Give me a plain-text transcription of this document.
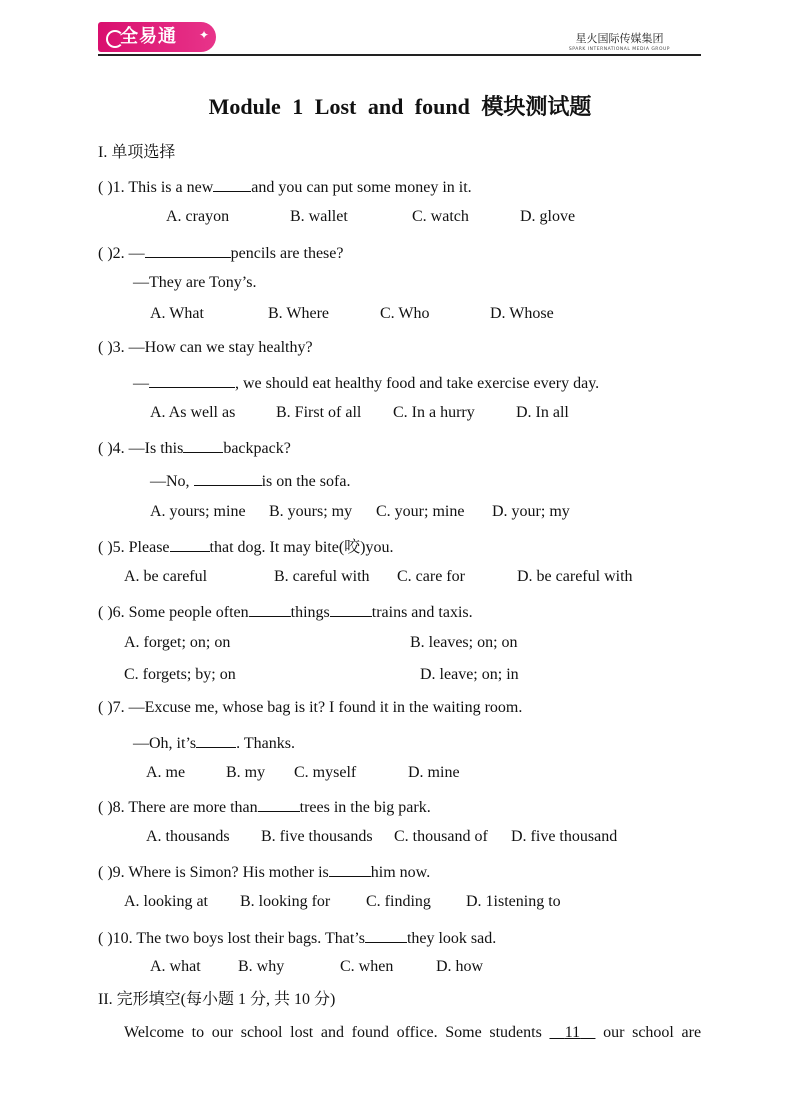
全易通 ✦	星火国际传媒集团
SPARK INTERNATIONAL MEDIA GROUP
Module 1 Lost and found 模块测试题
I. 单项选择
( )1. This is a new and you can put some money in it.
A. crayon	B. wallet	C. watch	D. glove
( )2. —	pencils are these?
—They are Tony’s.
A. What	B. Where	C. Who	D. Whose
( )3. —How can we stay healthy?
—	, we should eat healthy food and take exercise every day.
A. As well as	B. First of all C. In a hurry	D. In all
( )4. —Is this	backpack?
—No,	is on the sofa.
A. yours; mine B. yours; my C. your; mine D. your; my
( )5. Please	that dog. It may bite(咬)you.
A. be careful	B. careful with C. care for	D. be careful with
( )6. Some people often	things	trains and taxis.
A. forget; on; on	B. leaves; on; on
C. forgets; by; on	D. leave; on; in
( )7. —Excuse me, whose bag is it? I found it in the waiting room.
—Oh, it’s	. Thanks.
A. me	B. my C. myself	D. mine
( )8. There are more than	trees in the big park.
A. thousands B. five thousands C. thousand of D. five thousand
( )9. Where is Simon? His mother is	him now.
A. looking at B. looking for C. finding D. 1istening to
( )10. The two boys lost their bags. That’s	they look sad.
A. what B. why	C. when	D. how
II. 完形填空(每小题 1 分, 共 10 分)
Welcome to our school lost and found office. Some students 11 our school are
